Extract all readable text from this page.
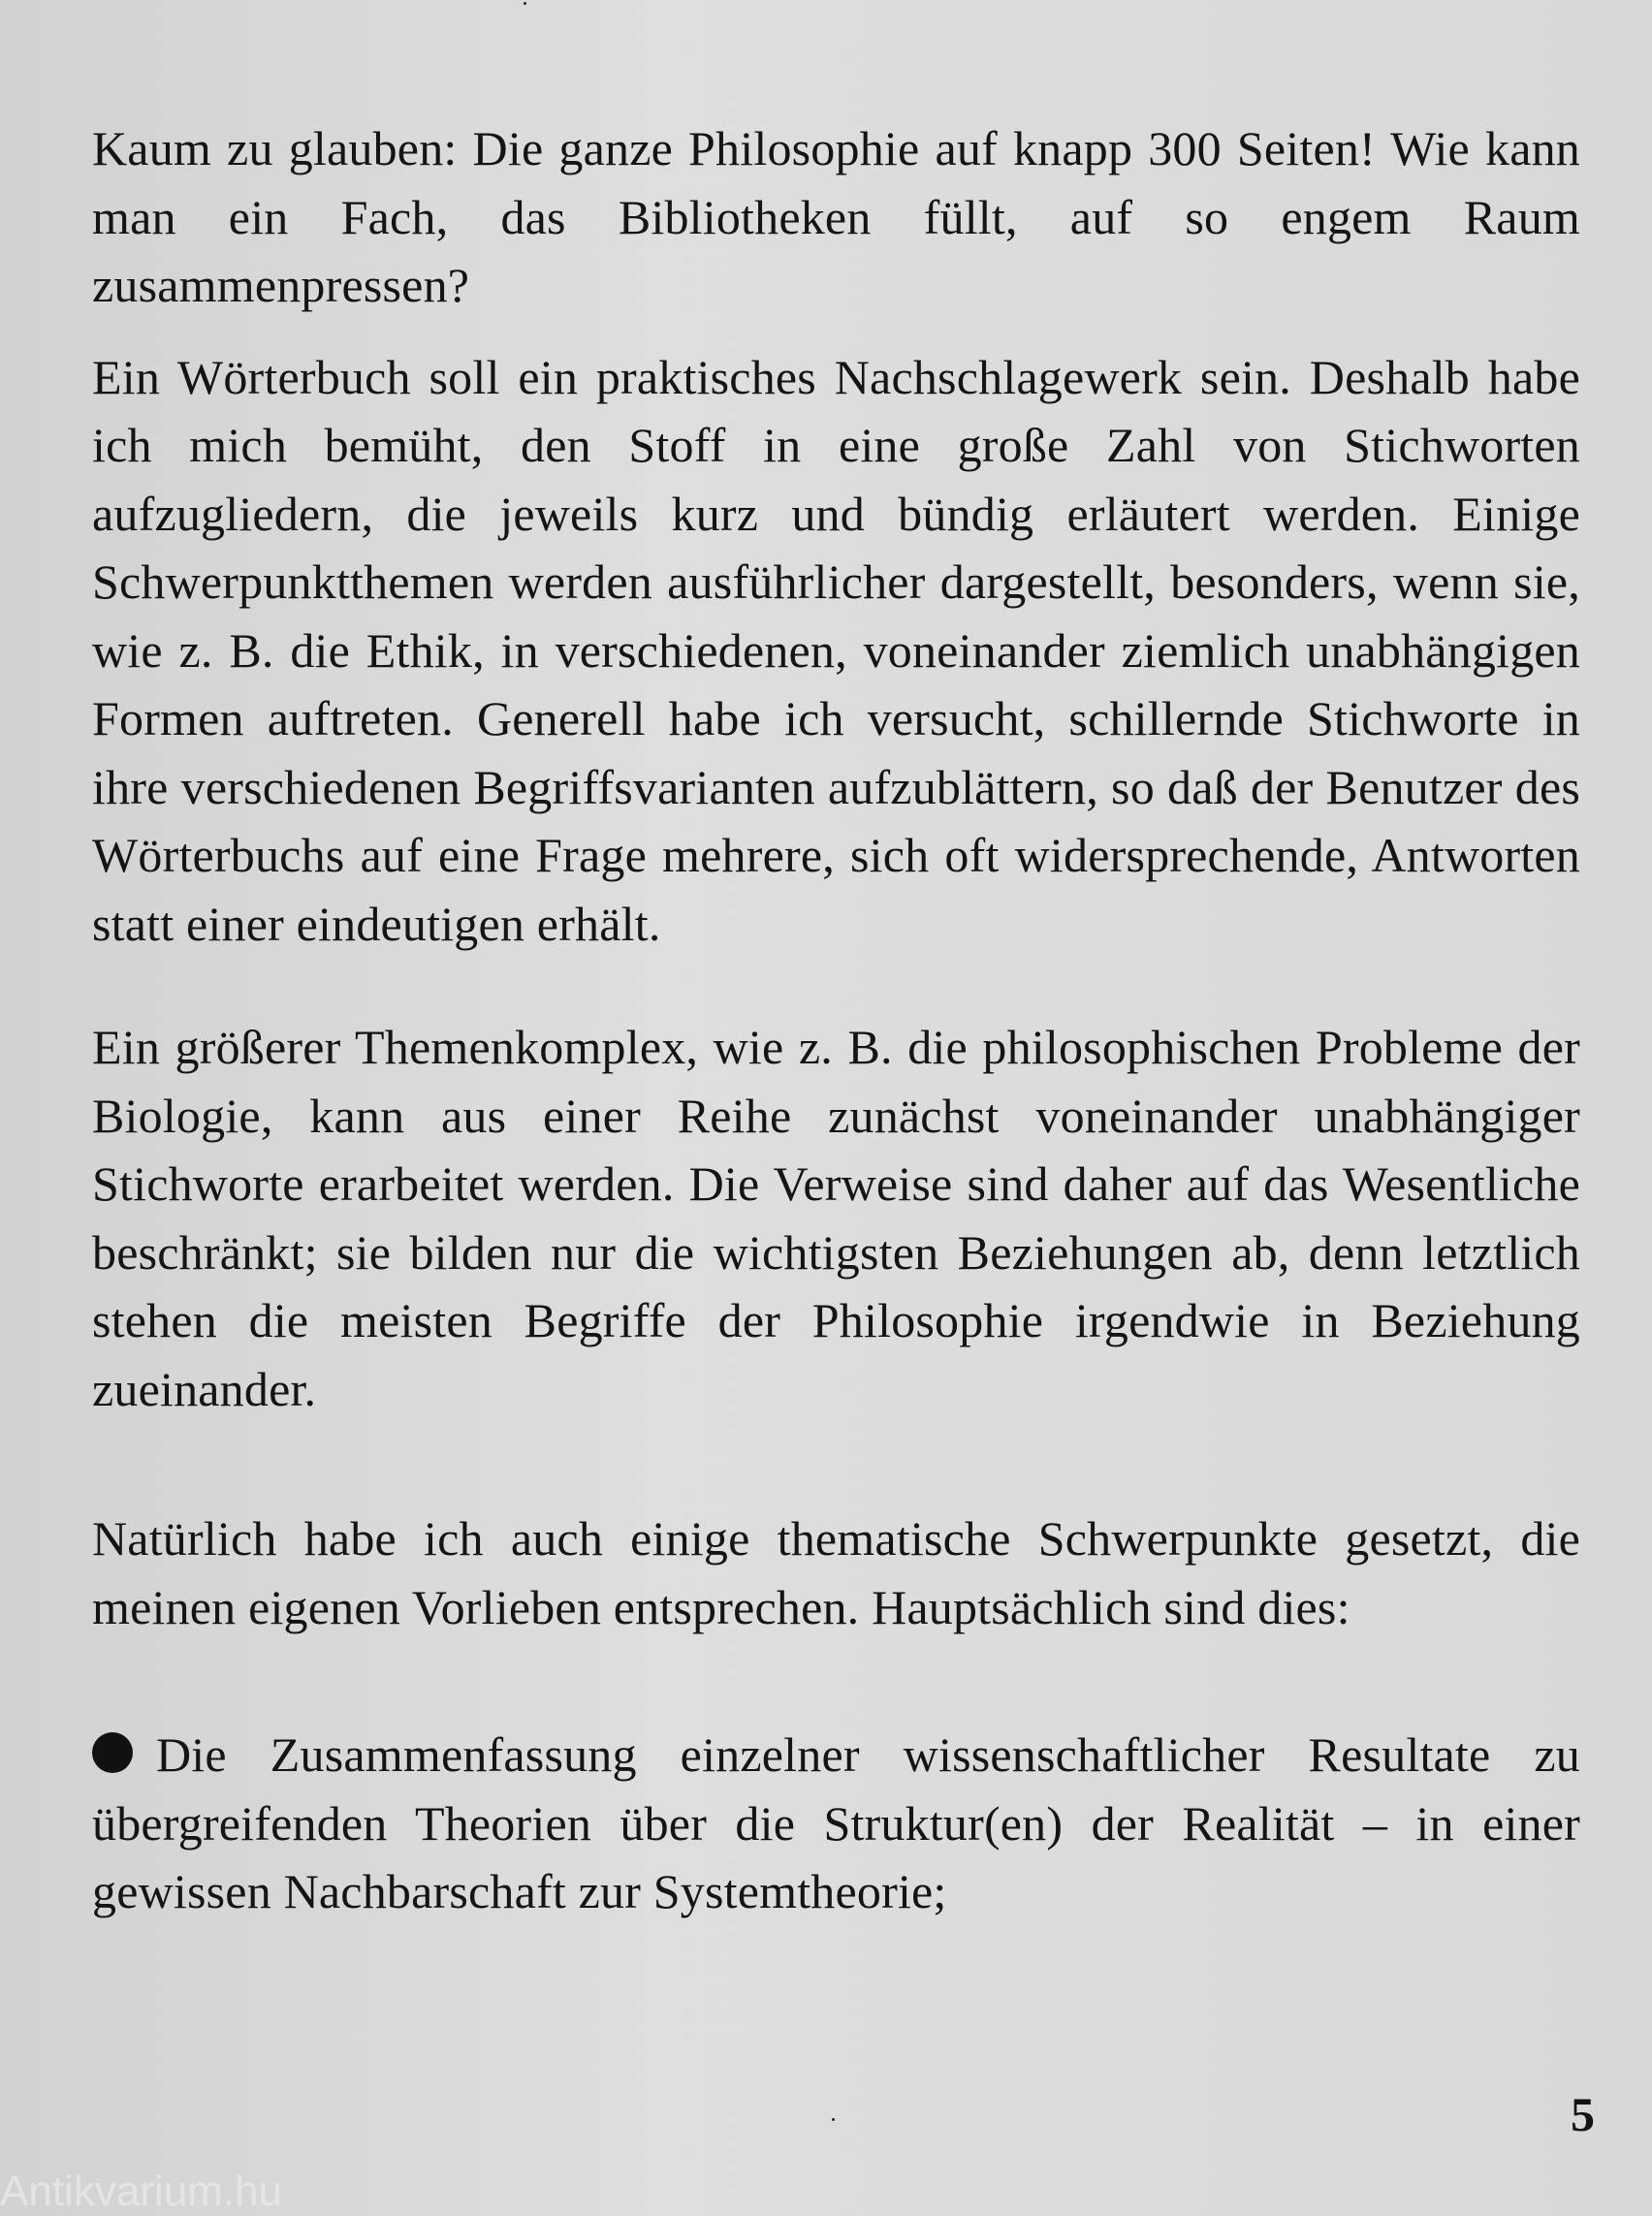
Kaum zu glauben: Die ganze Philosophie auf knapp 300 Seiten! Wie kann man ein Fach, das Bibliotheken füllt, auf so engem Raum zusammenpressen?

Ein Wörterbuch soll ein praktisches Nachschlagewerk sein. Deshalb habe ich mich bemüht, den Stoff in eine große Zahl von Stichworten aufzugliedern, die jeweils kurz und bündig erläutert werden. Einige Schwerpunktthemen werden ausführlicher dargestellt, besonders, wenn sie, wie z. B. die Ethik, in verschiedenen, voneinander ziemlich unabhängigen Formen auftreten. Generell habe ich versucht, schillernde Stichworte in ihre verschiedenen Begriffsvarianten aufzublättern, so daß der Benutzer des Wörterbuchs auf eine Frage mehrere, sich oft widersprechende, Antworten statt einer eindeutigen erhält.

Ein größerer Themenkomplex, wie z. B. die philosophischen Probleme der Biologie, kann aus einer Reihe zunächst voneinander unabhängiger Stichworte erarbeitet werden. Die Verweise sind daher auf das Wesentliche beschränkt; sie bilden nur die wichtigsten Beziehungen ab, denn letztlich stehen die meisten Begriffe der Philosophie irgendwie in Beziehung zueinander.

Natürlich habe ich auch einige thematische Schwerpunkte gesetzt, die meinen eigenen Vorlieben entsprechen. Hauptsächlich sind dies:

Die Zusammenfassung einzelner wissenschaftlicher Resultate zu übergreifenden Theorien über die Struktur(en) der Realität – in einer gewissen Nachbarschaft zur Systemtheorie;

5
Antikvarium.hu
